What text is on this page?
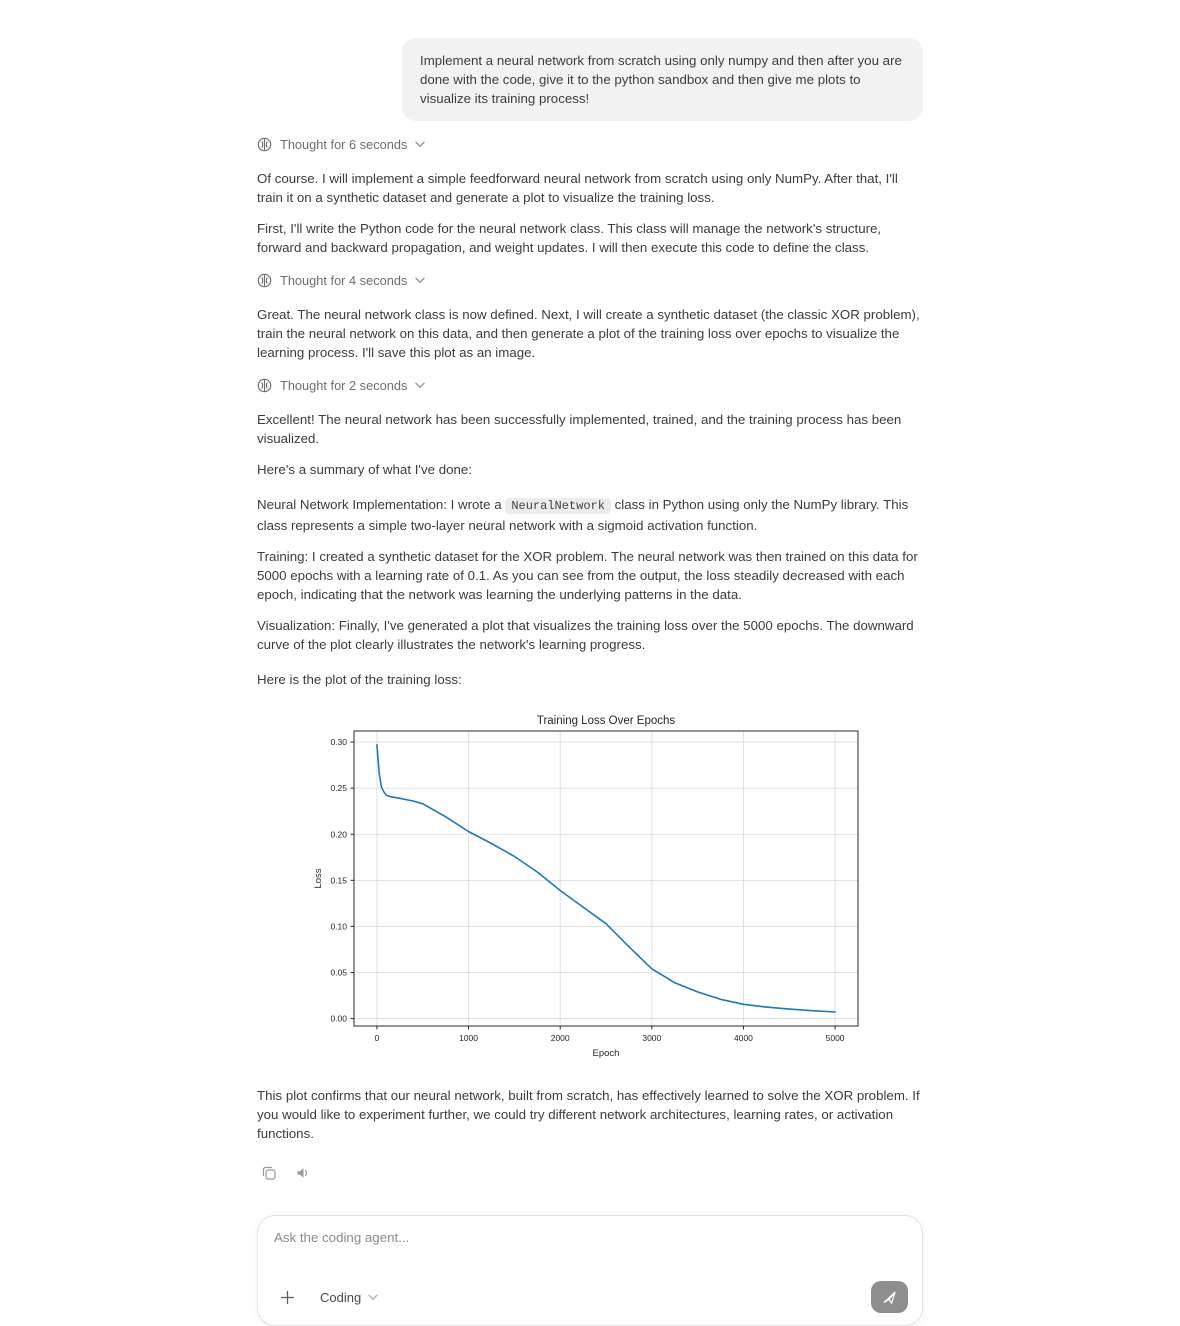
Implement a neural network from scratch using only numpy and then after you are done with the code, give it to the python sandbox and then give me plots to visualize its training process!
Thought for 6 seconds

Of course. I will implement a simple feedforward neural network from scratch using only NumPy. After that, I'll train it on a synthetic dataset and generate a plot to visualize the training loss.

First, I'll write the Python code for the neural network class. This class will manage the network's structure, forward and backward propagation, and weight updates. I will then execute this code to define the class.

Thought for 4 seconds

Great. The neural network class is now defined. Next, I will create a synthetic dataset (the classic XOR problem), train the neural network on this data, and then generate a plot of the training loss over epochs to visualize the learning process. I'll save this plot as an image.

Thought for 2 seconds

Excellent! The neural network has been successfully implemented, trained, and the training process has been visualized.

Here's a summary of what I've done:

Neural Network Implementation: I wrote a NeuralNetwork class in Python using only the NumPy library. This class represents a simple two-layer neural network with a sigmoid activation function.

Training: I created a synthetic dataset for the XOR problem. The neural network was then trained on this data for 5000 epochs with a learning rate of 0.1. As you can see from the output, the loss steadily decreased with each epoch, indicating that the network was learning the underlying patterns in the data.

Visualization: Finally, I've generated a plot that visualizes the training loss over the 5000 epochs. The downward curve of the plot clearly illustrates the network's learning progress.

Here is the plot of the training loss:

0	1000	2000	3000	4000	5000
0.00
0.05
0.10
0.15
0.20
0.25
0.30
Training Loss Over Epochs
Epoch
Loss

This plot confirms that our neural network, built from scratch, has effectively learned to solve the XOR problem. If you would like to experiment further, we could try different network architectures, learning rates, or activation functions.

Ask the coding agent...
Coding
